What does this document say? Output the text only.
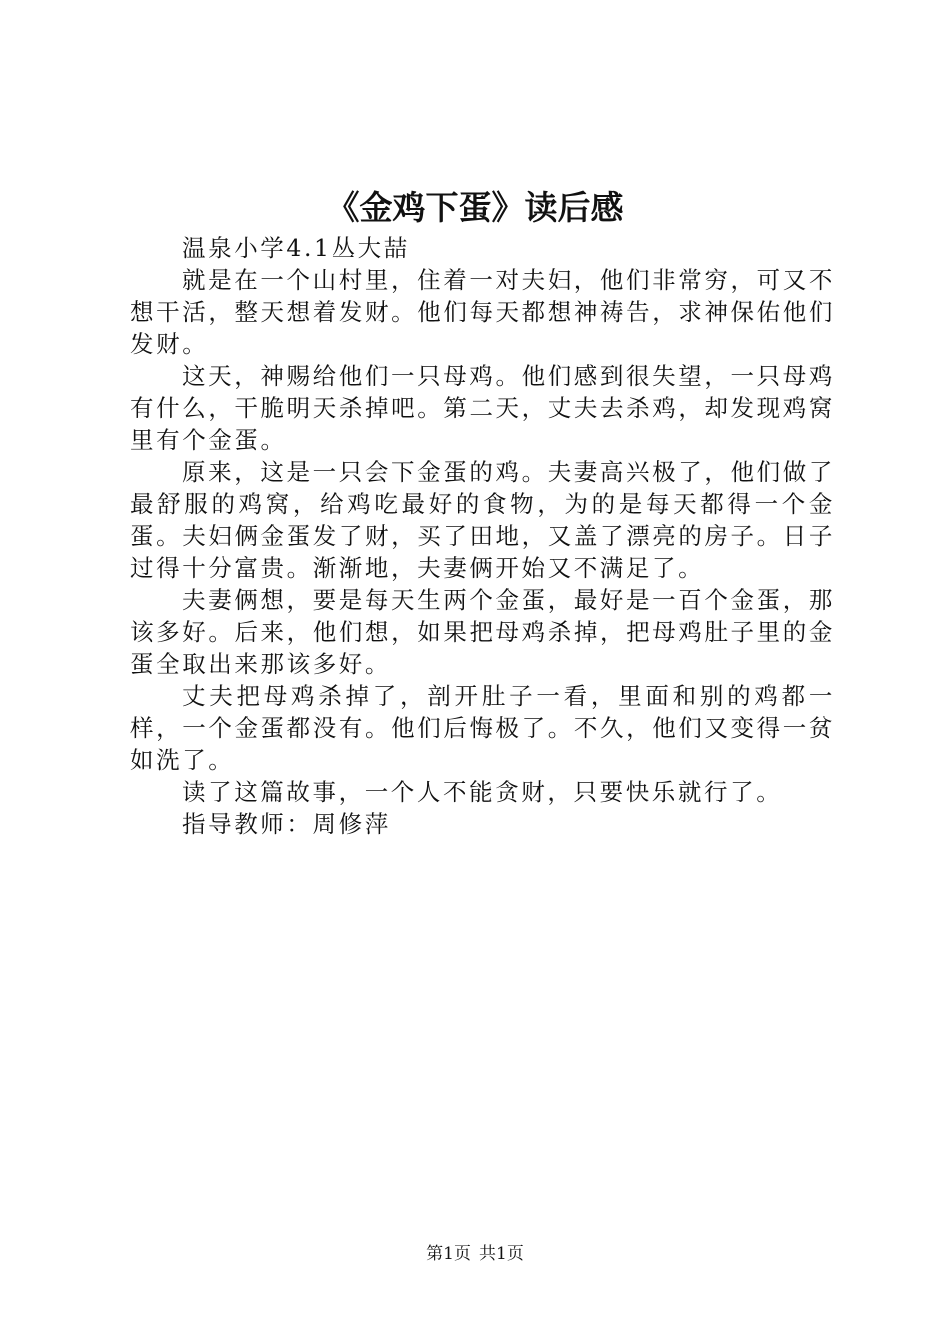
《金鸡下蛋》读后感

温泉小学4.1丛大喆

就是在一个山村里，住着一对夫妇，他们非常穷，可又不想干活，整天想着发财。他们每天都想神祷告，求神保佑他们发财。

这天，神赐给他们一只母鸡。他们感到很失望，一只母鸡有什么，干脆明天杀掉吧。第二天，丈夫去杀鸡，却发现鸡窝里有个金蛋。

原来，这是一只会下金蛋的鸡。夫妻高兴极了，他们做了最舒服的鸡窝，给鸡吃最好的食物，为的是每天都得一个金蛋。夫妇俩金蛋发了财，买了田地，又盖了漂亮的房子。日子过得十分富贵。渐渐地，夫妻俩开始又不满足了。

夫妻俩想，要是每天生两个金蛋，最好是一百个金蛋，那该多好。后来，他们想，如果把母鸡杀掉，把母鸡肚子里的金蛋全取出来那该多好。

丈夫把母鸡杀掉了，剖开肚子一看，里面和别的鸡都一样，一个金蛋都没有。他们后悔极了。不久，他们又变得一贫如洗了。

读了这篇故事，一个人不能贪财，只要快乐就行了。

指导教师：周修萍

第1页 共1页
